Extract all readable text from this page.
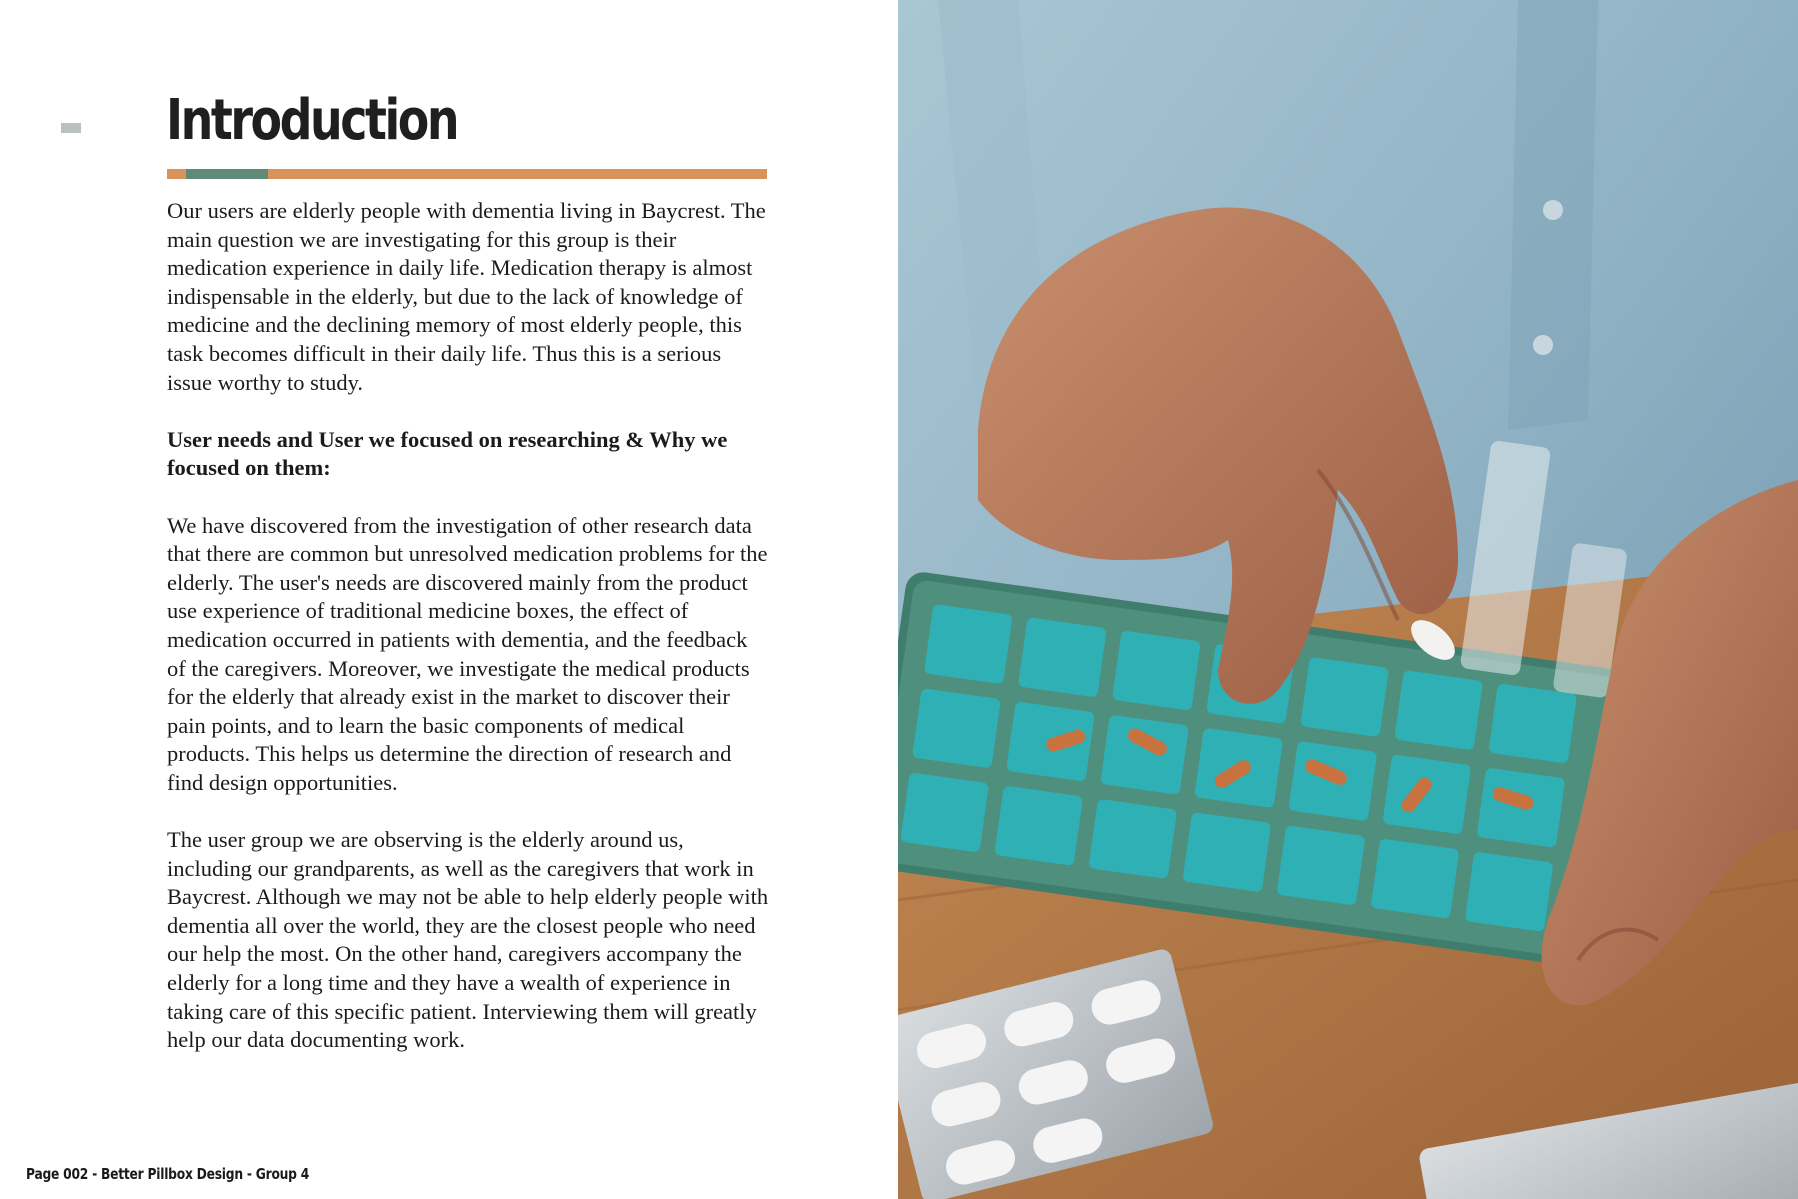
Introduction

Our users are elderly people with dementia living in Baycrest. The main question we are investigating for this group is their medication experience in daily life. Medication therapy is almost indispensable in the elderly, but due to the lack of knowledge of medicine and the declining memory of most elderly people, this task becomes difficult in their daily life. Thus this is a serious issue worthy to study.

User needs and User we focused on researching & Why we focused on them:

We have discovered from the investigation of other research data that there are common but unresolved medication problems for the elderly. The user's needs are discovered mainly from the product use experience of traditional medicine boxes, the effect of medication occurred in patients with dementia, and the feedback of the caregivers. Moreover, we investigate the medical products for the elderly that already exist in the market to discover their pain points, and to learn the basic components of medical products. This helps us determine the direction of research and find design opportunities.

The user group we are observing is the elderly around us, including our grandparents, as well as the caregivers that work in Baycrest. Although we may not be able to help elderly people with dementia all over the world, they are the closest people who need our help the most. On the other hand, caregivers accompany the elderly for a long time and they have a wealth of experience in taking care of this specific patient. Interviewing them will greatly help our data documenting work.

Page 002 - Better Pillbox Design - Group 4
